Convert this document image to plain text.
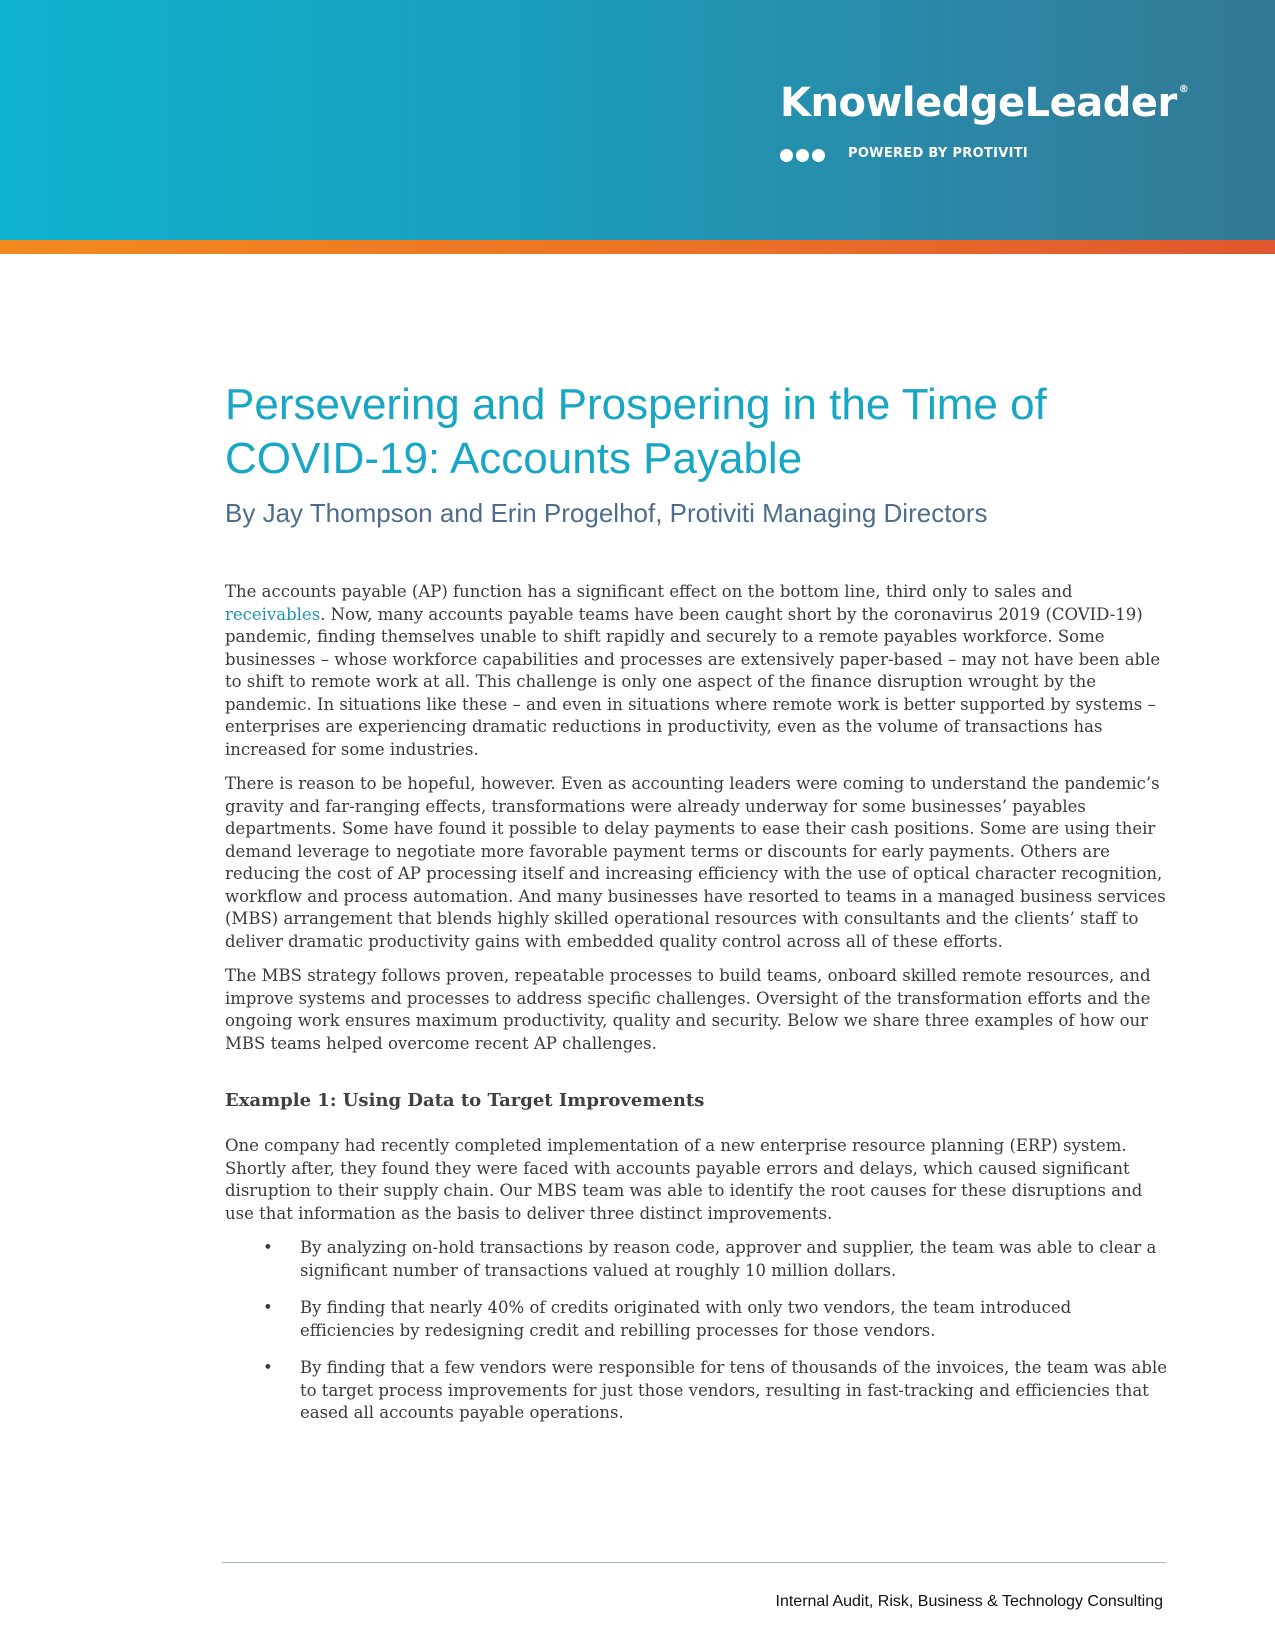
KnowledgeLeader ®
POWERED BY PROTIVITI
Persevering and Prospering in the Time of COVID-19: Accounts Payable

By Jay Thompson and Erin Progelhof, Protiviti Managing Directors

The accounts payable (AP) function has a significant effect on the bottom line, third only to sales and receivables. Now, many accounts payable teams have been caught short by the coronavirus 2019 (COVID-19) pandemic, finding themselves unable to shift rapidly and securely to a remote payables workforce. Some businesses – whose workforce capabilities and processes are extensively paper-based – may not have been able to shift to remote work at all. This challenge is only one aspect of the finance disruption wrought by the pandemic. In situations like these – and even in situations where remote work is better supported by systems – enterprises are experiencing dramatic reductions in productivity, even as the volume of transactions has increased for some industries.

There is reason to be hopeful, however. Even as accounting leaders were coming to understand the pandemic’s gravity and far-ranging effects, transformations were already underway for some businesses’ payables departments. Some have found it possible to delay payments to ease their cash positions. Some are using their demand leverage to negotiate more favorable payment terms or discounts for early payments. Others are reducing the cost of AP processing itself and increasing efficiency with the use of optical character recognition, workflow and process automation. And many businesses have resorted to teams in a managed business services (MBS) arrangement that blends highly skilled operational resources with consultants and the clients’ staff to deliver dramatic productivity gains with embedded quality control across all of these efforts.

The MBS strategy follows proven, repeatable processes to build teams, onboard skilled remote resources, and improve systems and processes to address specific challenges. Oversight of the transformation efforts and the ongoing work ensures maximum productivity, quality and security. Below we share three examples of how our MBS teams helped overcome recent AP challenges.

Example 1: Using Data to Target Improvements

One company had recently completed implementation of a new enterprise resource planning (ERP) system. Shortly after, they found they were faced with accounts payable errors and delays, which caused significant disruption to their supply chain. Our MBS team was able to identify the root causes for these disruptions and use that information as the basis to deliver three distinct improvements.

• By analyzing on-hold transactions by reason code, approver and supplier, the team was able to clear a significant number of transactions valued at roughly 10 million dollars.
• By finding that nearly 40% of credits originated with only two vendors, the team introduced efficiencies by redesigning credit and rebilling processes for those vendors.
• By finding that a few vendors were responsible for tens of thousands of the invoices, the team was able to target process improvements for just those vendors, resulting in fast-tracking and efficiencies that eased all accounts payable operations.
Internal Audit, Risk, Business & Technology Consulting
